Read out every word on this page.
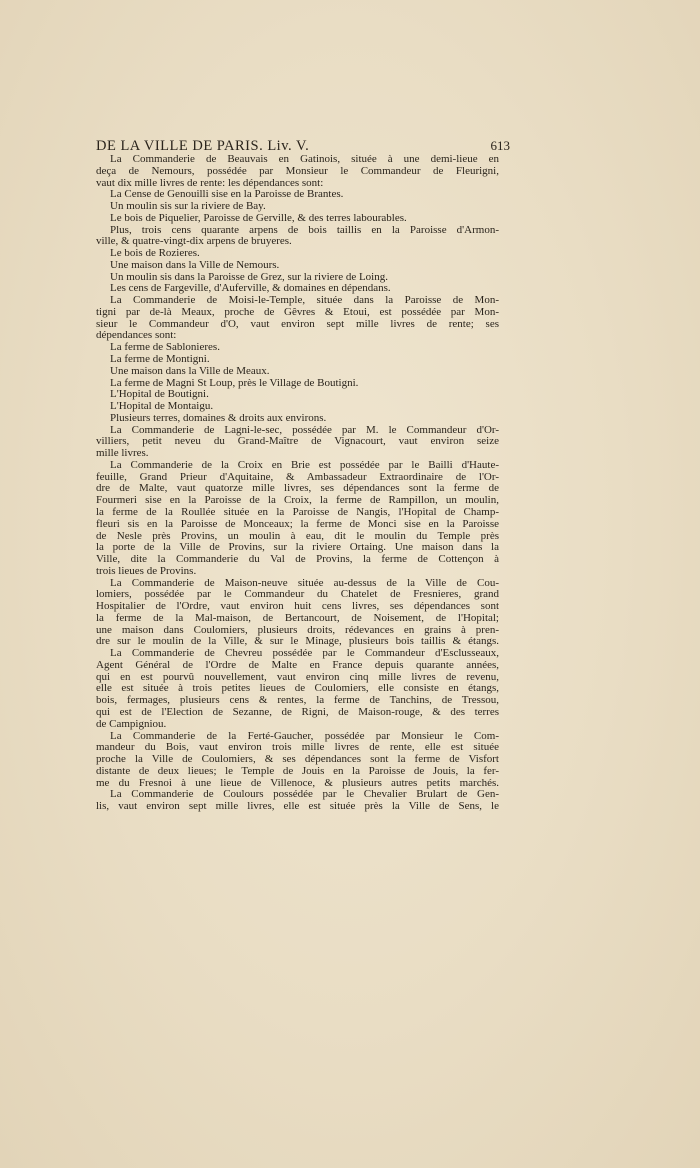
DE LA VILLE DE PARIS. Liv. V.	613
La Commanderie de Beauvais en Gatinois, située à une demi-lieue en
deça de Nemours, possédée par Monsieur le Commandeur de Fleurigni,
vaut dix mille livres de rente: les dépendances sont:
La Cense de Genouilli sise en la Paroisse de Brantes.
Un moulin sis sur la riviere de Bay.
Le bois de Piquelier, Paroisse de Gerville, & des terres labourables.
Plus, trois cens quarante arpens de bois taillis en la Paroisse d'Armon-
ville, & quatre-vingt-dix arpens de bruyeres.
Le bois de Rozieres.
Une maison dans la Ville de Nemours.
Un moulin sis dans la Paroisse de Grez, sur la riviere de Loing.
Les cens de Fargeville, d'Auferville, & domaines en dépendans.
La Commanderie de Moisi-le-Temple, située dans la Paroisse de Mon-
tigni par de-là Meaux, proche de Gêvres & Etoui, est possédée par Mon-
sieur le Commandeur d'O, vaut environ sept mille livres de rente; ses
dépendances sont:
La ferme de Sablonieres.
La ferme de Montigni.
Une maison dans la Ville de Meaux.
La ferme de Magni St Loup, près le Village de Boutigni.
L'Hopital de Boutigni.
L'Hopital de Montaigu.
Plusieurs terres, domaines & droits aux environs.
La Commanderie de Lagni-le-sec, possédée par M. le Commandeur d'Or-
villiers, petit neveu du Grand-Maître de Vignacourt, vaut environ seize
mille livres.
La Commanderie de la Croix en Brie est possédée par le Bailli d'Haute-
feuille, Grand Prieur d'Aquitaine, & Ambassadeur Extraordinaire de l'Or-
dre de Malte, vaut quatorze mille livres, ses dépendances sont la ferme de
Fourmeri sise en la Paroisse de la Croix, la ferme de Rampillon, un moulin,
la ferme de la Roullée située en la Paroisse de Nangis, l'Hopital de Champ-
fleuri sis en la Paroisse de Monceaux; la ferme de Monci sise en la Paroisse
de Nesle près Provins, un moulin à eau, dit le moulin du Temple près
la porte de la Ville de Provins, sur la riviere Ortaing. Une maison dans la
Ville, dite la Commanderie du Val de Provins, la ferme de Cottençon à
trois lieues de Provins.
La Commanderie de Maison-neuve située au-dessus de la Ville de Cou-
lomiers, possédée par le Commandeur du Chatelet de Fresnieres, grand
Hospitalier de l'Ordre, vaut environ huit cens livres, ses dépendances sont
la ferme de la Mal-maison, de Bertancourt, de Noisement, de l'Hopital;
une maison dans Coulomiers, plusieurs droits, rédevances en grains à pren-
dre sur le moulin de la Ville, & sur le Minage, plusieurs bois taillis & étangs.
La Commanderie de Chevreu possédée par le Commandeur d'Esclusseaux,
Agent Général de l'Ordre de Malte en France depuis quarante années,
qui en est pourvû nouvellement, vaut environ cinq mille livres de revenu,
elle est située à trois petites lieues de Coulomiers, elle consiste en étangs,
bois, fermages, plusieurs cens & rentes, la ferme de Tanchins, de Tressou,
qui est de l'Election de Sezanne, de Rigni, de Maison-rouge, & des terres
de Campigniou.
La Commanderie de la Ferté-Gaucher, possédée par Monsieur le Com-
mandeur du Bois, vaut environ trois mille livres de rente, elle est située
proche la Ville de Coulomiers, & ses dépendances sont la ferme de Visfort
distante de deux lieues; le Temple de Jouis en la Paroisse de Jouis, la fer-
me du Fresnoi à une lieue de Villenoce, & plusieurs autres petits marchés.
La Commanderie de Coulours possédée par le Chevalier Brulart de Gen-
lis, vaut environ sept mille livres, elle est située près la Ville de Sens, le
